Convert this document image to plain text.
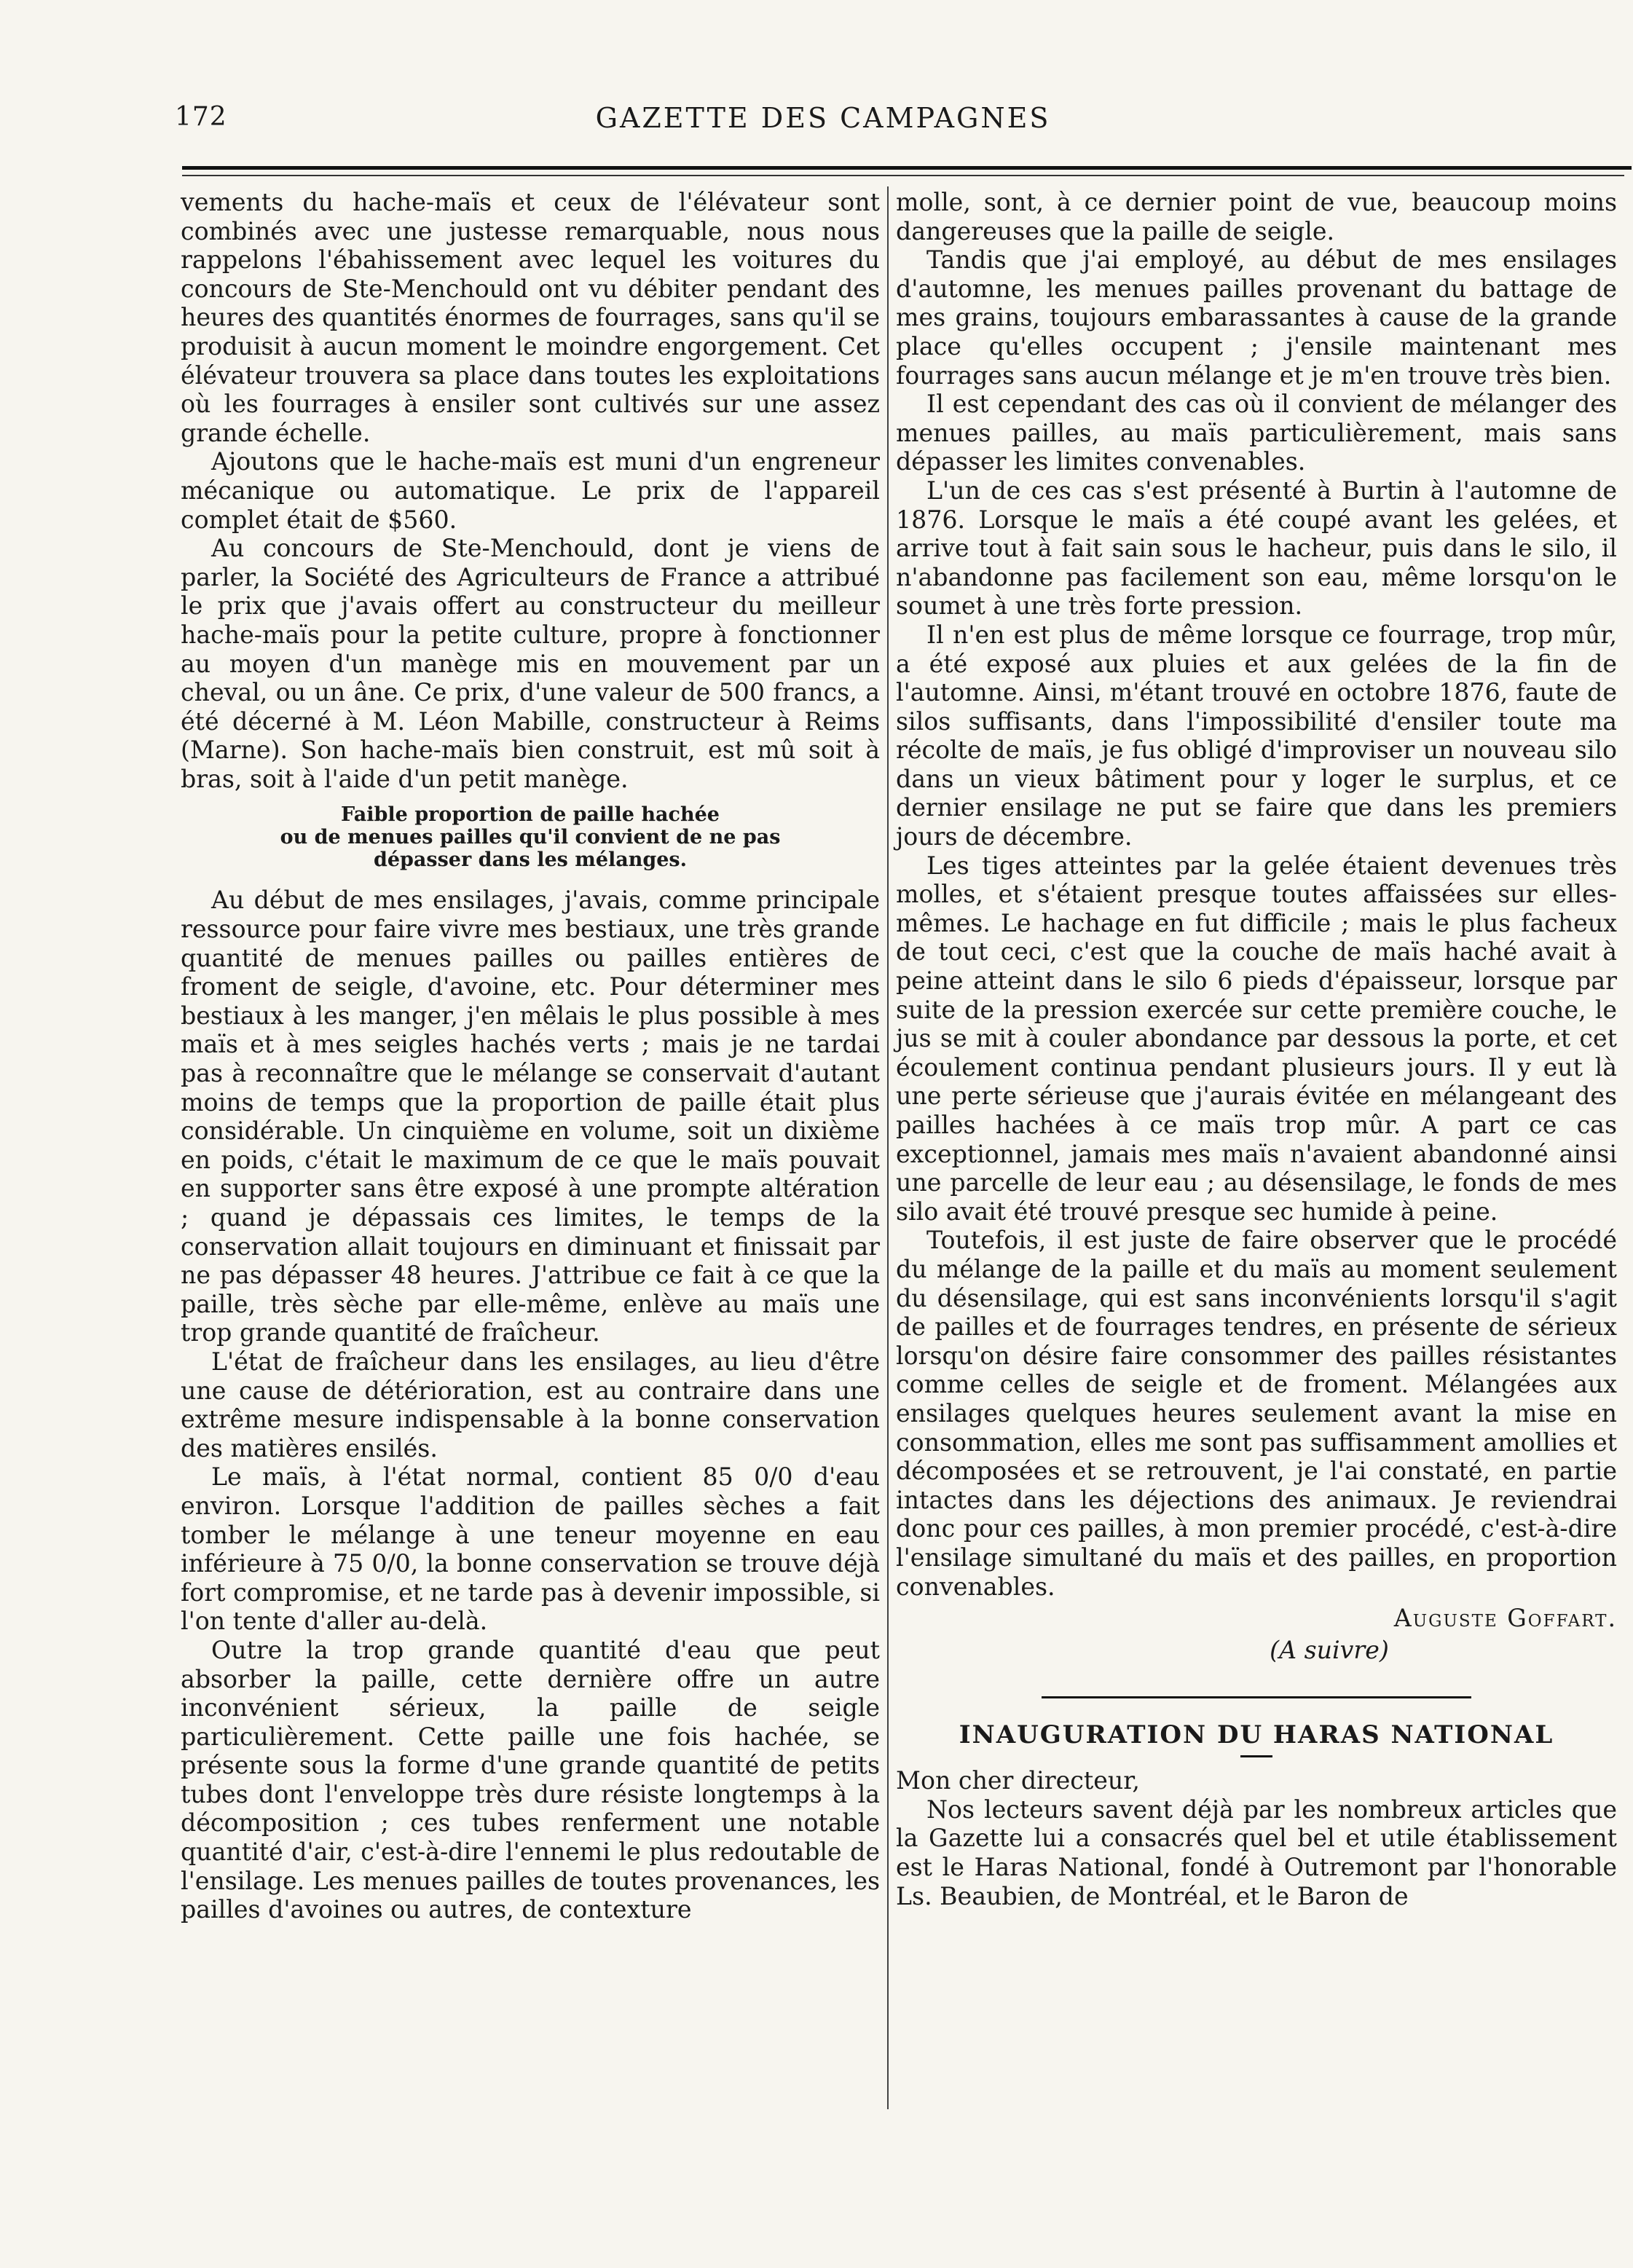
172	GAZETTE DES CAMPAGNES

vements du hache-maïs et ceux de l'élévateur sont combinés avec une justesse remarquable, nous nous rappelons l'ébahissement avec lequel les voitures du concours de Ste-Menchould ont vu débiter pendant des heures des quantités énormes de fourrages, sans qu'il se produisit à aucun moment le moindre engorgement. Cet élévateur trouvera sa place dans toutes les exploitations où les fourrages à ensiler sont cultivés sur une assez grande échelle.

Ajoutons que le hache-maïs est muni d'un engreneur mécanique ou automatique. Le prix de l'appareil complet était de $560.

Au concours de Ste-Menchould, dont je viens de parler, la Société des Agriculteurs de France a attribué le prix que j'avais offert au constructeur du meilleur hache-maïs pour la petite culture, propre à fonctionner au moyen d'un manège mis en mouvement par un cheval, ou un âne. Ce prix, d'une valeur de 500 francs, a été décerné à M. Léon Mabille, constructeur à Reims (Marne). Son hache-maïs bien construit, est mû soit à bras, soit à l'aide d'un petit manège.

Faible proportion de paille hachée
ou de menues pailles qu'il convient de ne pas
dépasser dans les mélanges.

Au début de mes ensilages, j'avais, comme principale ressource pour faire vivre mes bestiaux, une très grande quantité de menues pailles ou pailles entières de froment de seigle, d'avoine, etc. Pour déterminer mes bestiaux à les manger, j'en mêlais le plus possible à mes maïs et à mes seigles hachés verts ; mais je ne tardai pas à reconnaître que le mélange se conservait d'autant moins de temps que la proportion de paille était plus considérable. Un cinquième en volume, soit un dixième en poids, c'était le maximum de ce que le maïs pouvait en supporter sans être exposé à une prompte altération ; quand je dépassais ces limites, le temps de la conservation allait toujours en diminuant et finissait par ne pas dépasser 48 heures. J'attribue ce fait à ce que la paille, très sèche par elle-même, enlève au maïs une trop grande quantité de fraîcheur.

L'état de fraîcheur dans les ensilages, au lieu d'être une cause de détérioration, est au contraire dans une extrême mesure indispensable à la bonne conservation des matières ensilés.

Le maïs, à l'état normal, contient 85 0/0 d'eau environ. Lorsque l'addition de pailles sèches a fait tomber le mélange à une teneur moyenne en eau inférieure à 75 0/0, la bonne conservation se trouve déjà fort compromise, et ne tarde pas à devenir impossible, si l'on tente d'aller au-delà.

Outre la trop grande quantité d'eau que peut absorber la paille, cette dernière offre un autre inconvénient sérieux, la paille de seigle particulièrement. Cette paille une fois hachée, se présente sous la forme d'une grande quantité de petits tubes dont l'enveloppe très dure résiste longtemps à la décomposition ; ces tubes renferment une notable quantité d'air, c'est-à-dire l'ennemi le plus redoutable de l'ensilage. Les menues pailles de toutes provenances, les pailles d'avoines ou autres, de contexture

molle, sont, à ce dernier point de vue, beaucoup moins dangereuses que la paille de seigle.

Tandis que j'ai employé, au début de mes ensilages d'automne, les menues pailles provenant du battage de mes grains, toujours embarassantes à cause de la grande place qu'elles occupent ; j'ensile maintenant mes fourrages sans aucun mélange et je m'en trouve très bien.

Il est cependant des cas où il convient de mélanger des menues pailles, au maïs particulièrement, mais sans dépasser les limites convenables.

L'un de ces cas s'est présenté à Burtin à l'automne de 1876. Lorsque le maïs a été coupé avant les gelées, et arrive tout à fait sain sous le hacheur, puis dans le silo, il n'abandonne pas facilement son eau, même lorsqu'on le soumet à une très forte pression.

Il n'en est plus de même lorsque ce fourrage, trop mûr, a été exposé aux pluies et aux gelées de la fin de l'automne. Ainsi, m'étant trouvé en octobre 1876, faute de silos suffisants, dans l'impossibilité d'ensiler toute ma récolte de maïs, je fus obligé d'improviser un nouveau silo dans un vieux bâtiment pour y loger le surplus, et ce dernier ensilage ne put se faire que dans les premiers jours de décembre.

Les tiges atteintes par la gelée étaient devenues très molles, et s'étaient presque toutes affaissées sur elles-mêmes. Le hachage en fut difficile ; mais le plus facheux de tout ceci, c'est que la couche de maïs haché avait à peine atteint dans le silo 6 pieds d'épaisseur, lorsque par suite de la pression exercée sur cette première couche, le jus se mit à couler abondance par dessous la porte, et cet écoulement continua pendant plusieurs jours. Il y eut là une perte sérieuse que j'aurais évitée en mélangeant des pailles hachées à ce maïs trop mûr. A part ce cas exceptionnel, jamais mes maïs n'avaient abandonné ainsi une parcelle de leur eau ; au désensilage, le fonds de mes silo avait été trouvé presque sec humide à peine.

Toutefois, il est juste de faire observer que le procédé du mélange de la paille et du maïs au moment seulement du désensilage, qui est sans inconvénients lorsqu'il s'agit de pailles et de fourrages tendres, en présente de sérieux lorsqu'on désire faire consommer des pailles résistantes comme celles de seigle et de froment. Mélangées aux ensilages quelques heures seulement avant la mise en consommation, elles me sont pas suffisamment amollies et décomposées et se retrouvent, je l'ai constaté, en partie intactes dans les déjections des animaux. Je reviendrai donc pour ces pailles, à mon premier procédé, c'est-à-dire l'ensilage simultané du maïs et des pailles, en proportion convenables.

Auguste Goffart.
(A suivre)
INAUGURATION DU HARAS NATIONAL

Mon cher directeur,

Nos lecteurs savent déjà par les nombreux articles que la Gazette lui a consacrés quel bel et utile établissement est le Haras National, fondé à Outremont par l'honorable Ls. Beaubien, de Montréal, et le Baron de
